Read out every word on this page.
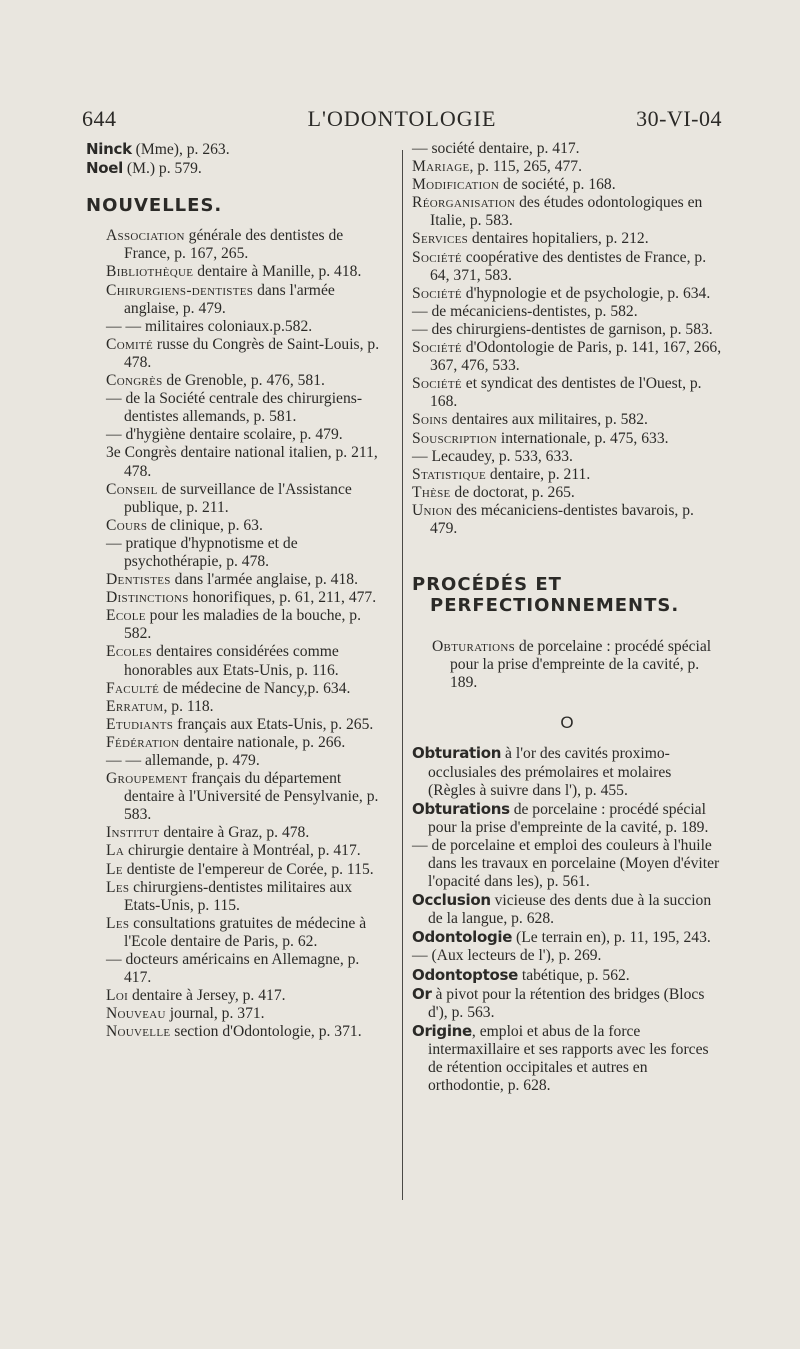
644	L'ODONTOLOGIE	30-VI-04

Ninck (Mme), p. 263.

Noel (M.) p. 579.

NOUVELLES.

Association générale des dentistes de France, p. 167, 265.

Bibliothèque dentaire à Manille, p. 418.

Chirurgiens-dentistes dans l'armée anglaise, p. 479.

— — militaires coloniaux.p.582.

Comité russe du Congrès de Saint-Louis, p. 478.

Congrès de Grenoble, p. 476, 581.

— de la Société centrale des chirurgiens-dentistes allemands, p. 581.

— d'hygiène dentaire scolaire, p. 479.

3e Congrès dentaire national italien, p. 211, 478.

Conseil de surveillance de l'Assistance publique, p. 211.

Cours de clinique, p. 63.

— pratique d'hypnotisme et de psychothérapie, p. 478.

Dentistes dans l'armée anglaise, p. 418.

Distinctions honorifiques, p. 61, 211, 477.

Ecole pour les maladies de la bouche, p. 582.

Ecoles dentaires considérées comme honorables aux Etats-Unis, p. 116.

Faculté de médecine de Nancy,p. 634.

Erratum, p. 118.

Etudiants français aux Etats-Unis, p. 265.

Fédération dentaire nationale, p. 266.

— — allemande, p. 479.

Groupement français du département dentaire à l'Université de Pensylvanie, p. 583.

Institut dentaire à Graz, p. 478.

La chirurgie dentaire à Montréal, p. 417.

Le dentiste de l'empereur de Corée, p. 115.

Les chirurgiens-dentistes militaires aux Etats-Unis, p. 115.

Les consultations gratuites de médecine à l'Ecole dentaire de Paris, p. 62.

— docteurs américains en Allemagne, p. 417.

Loi dentaire à Jersey, p. 417.

Nouveau journal, p. 371.

Nouvelle section d'Odontologie, p. 371.

— société dentaire, p. 417.

Mariage, p. 115, 265, 477.

Modification de société, p. 168.

Réorganisation des études odontologiques en Italie, p. 583.

Services dentaires hopitaliers, p. 212.

Société coopérative des dentistes de France, p. 64, 371, 583.

Société d'hypnologie et de psychologie, p. 634.

— de mécaniciens-dentistes, p. 582.

— des chirurgiens-dentistes de garnison, p. 583.

Société d'Odontologie de Paris, p. 141, 167, 266, 367, 476, 533.

Société et syndicat des dentistes de l'Ouest, p. 168.

Soins dentaires aux militaires, p. 582.

Souscription internationale, p. 475, 633.

— Lecaudey, p. 533, 633.

Statistique dentaire, p. 211.

Thèse de doctorat, p. 265.

Union des mécaniciens-dentistes bavarois, p. 479.

PROCÉDÉS ET PERFECTIONNEMENTS.

Obturations de porcelaine : procédé spécial pour la prise d'empreinte de la cavité, p. 189.

O

Obturation à l'or des cavités proximo-occlusiales des prémolaires et molaires (Règles à suivre dans l'), p. 455.

Obturations de porcelaine : procédé spécial pour la prise d'empreinte de la cavité, p. 189.

— de porcelaine et emploi des couleurs à l'huile dans les travaux en porcelaine (Moyen d'éviter l'opacité dans les), p. 561.

Occlusion vicieuse des dents due à la succion de la langue, p. 628.

Odontologie (Le terrain en), p. 11, 195, 243.

— (Aux lecteurs de l'), p. 269.

Odontoptose tabétique, p. 562.

Or à pivot pour la rétention des bridges (Blocs d'), p. 563.

Origine, emploi et abus de la force intermaxillaire et ses rapports avec les forces de rétention occipitales et autres en orthodontie, p. 628.
